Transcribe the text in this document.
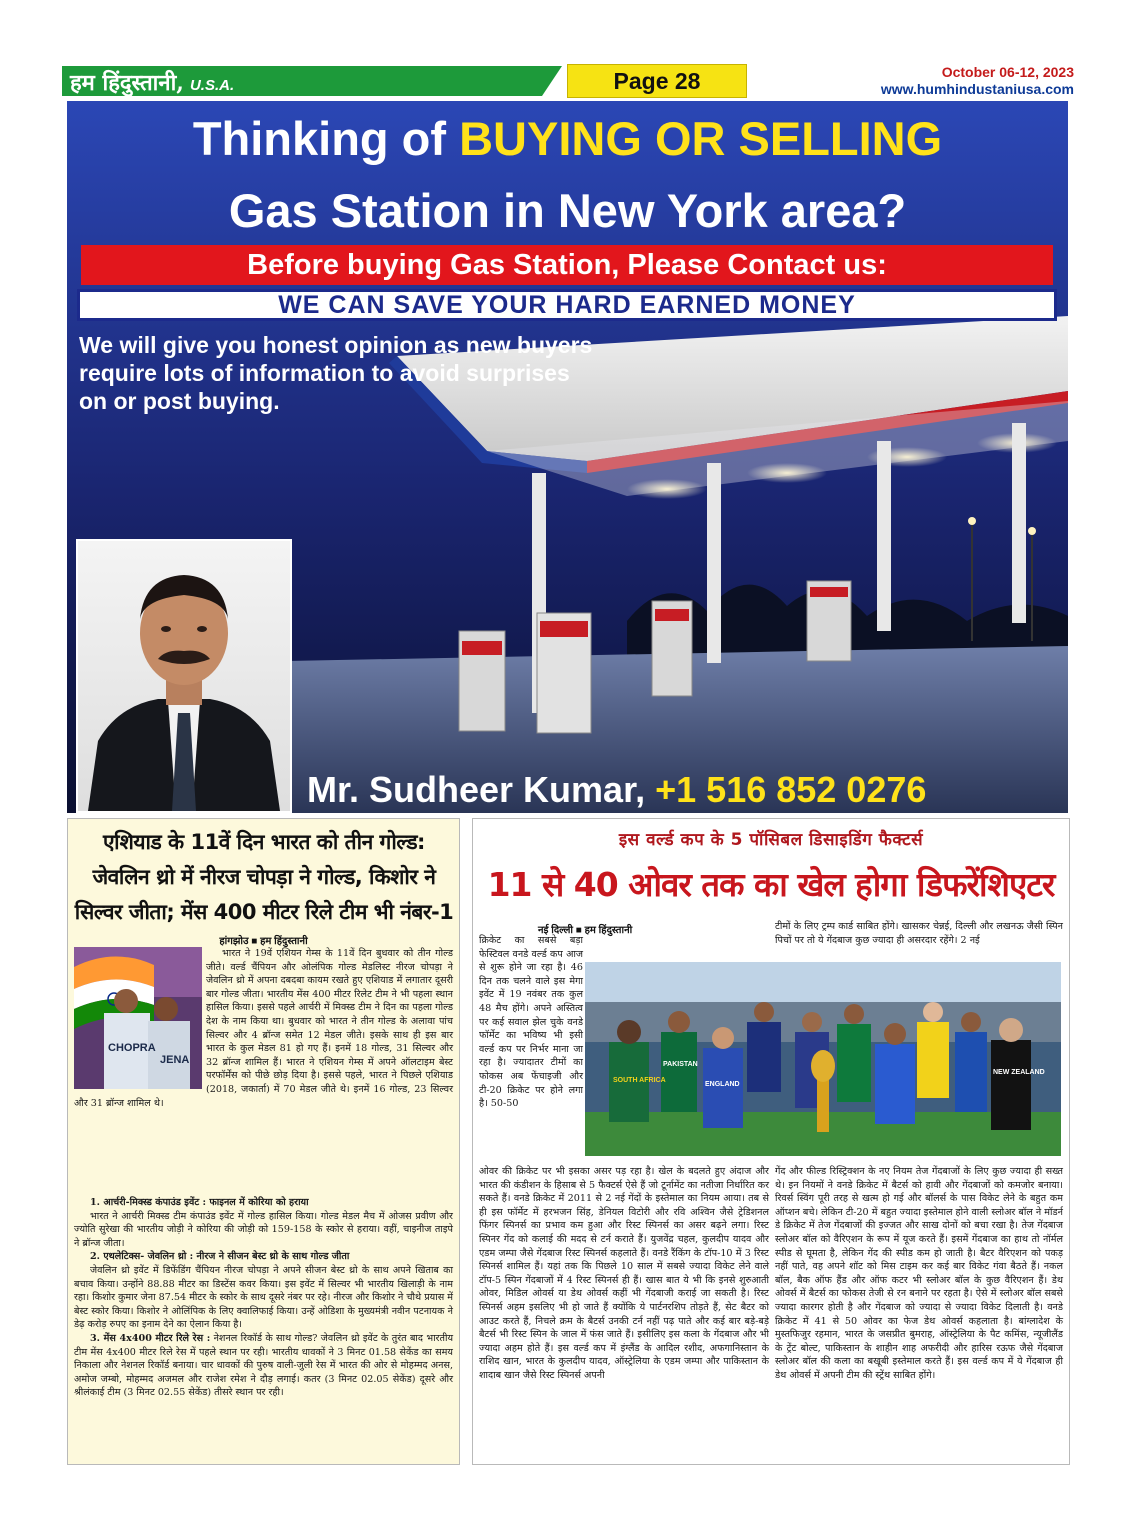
हम हिंदुस्तानी, U.S.A.	Page 28	October 06-12, 2023
www.humhindustaniusa.com
Thinking of BUYING OR SELLING
Gas Station in New York area?
Before buying Gas Station, Please Contact us:
WE CAN SAVE YOUR HARD EARNED MONEY
We will give you honest opinion as new buyers require lots of information to avoid surprises on or post buying.
Mr. Sudheer Kumar, +1 516 852 0276
एशियाड के 11वें दिन भारत को तीन गोल्ड: जेवलिन थ्रो में नीरज चोपड़ा ने गोल्ड, किशोर ने सिल्वर जीता; मेंस 400 मीटर रिले टीम भी नंबर-1
हांगझोउ ■ हम हिंदुस्तानी
CHOPRA
JENA
भारत ने 19वें एशियन गेम्स के 11वें दिन बुधवार को तीन गोल्ड जीते। वर्ल्ड चैंपियन और ओलंपिक गोल्ड मेडलिस्ट नीरज चोपड़ा ने जेवलिन थ्रो में अपना दबदबा कायम रखते हुए एशियाड में लगातार दूसरी बार गोल्ड जीता। भारतीय मेंस 400 मीटर रिलेट टीम ने भी पहला स्थान हासिल किया। इससे पहले आर्चरी में मिक्स्ड टीम ने दिन का पहला गोल्ड देश के नाम किया था। बुधवार को भारत ने तीन गोल्ड के अलावा पांच सिल्वर और 4 ब्रॉन्ज समेत 12 मेडल जीते। इसके साथ ही इस बार भारत के कुल मेडल 81 हो गए हैं। इनमें 18 गोल्ड, 31 सिल्वर और 32 ब्रॉन्ज शामिल हैं। भारत ने एशियन गेम्स में अपने ऑलटाइम बेस्ट परफॉर्मेंस को पीछे छोड़ दिया है। इससे पहले, भारत ने पिछले एशियाड (2018, जकार्ता) में 70 मेडल जीते थे। इनमें 16 गोल्ड, 23 सिल्वर और 31 ब्रॉन्ज शामिल थे।
1. आर्चरी-मिक्स्ड कंपाउंड इवेंट : फाइनल में कोरिया को हराया
भारत ने आर्चरी मिक्स्ड टीम कंपाउंड इवेंट में गोल्ड हासिल किया। गोल्ड मेडल मैच में ओजस प्रवीण और ज्योति सुरेखा की भारतीय जोड़ी ने कोरिया की जोड़ी को 159-158 के स्कोर से हराया। वहीं, चाइनीज ताइपे ने ब्रॉन्ज जीता।
2. एथलेटिक्स- जेवलिन थ्रो : नीरज ने सीजन बेस्ट थ्रो के साथ गोल्ड जीता
जेवलिन थ्रो इवेंट में डिफेंडिंग चैंपियन नीरज चोपड़ा ने अपने सीजन बेस्ट थ्रो के साथ अपने खिताब का बचाव किया। उन्होंने 88.88 मीटर का डिस्टेंस कवर किया। इस इवेंट में सिल्वर भी भारतीय खिलाड़ी के नाम रहा। किशोर कुमार जेना 87.54 मीटर के स्कोर के साथ दूसरे नंबर पर रहे। नीरज और किशोर ने चौथे प्रयास में बेस्ट स्कोर किया। किशोर ने ओलिंपिक के लिए क्वालिफाई किया। उन्हें ओडिशा के मुख्यमंत्री नवीन पटनायक ने डेढ़ करोड़ रुपए का इनाम देने का ऐलान किया है।
3. मेंस 4x400 मीटर रिले रेस : नेशनल रिकॉर्ड के साथ गोल्ड? जेवलिन थ्रो इवेंट के तुरंत बाद भारतीय टीम मेंस 4x400 मीटर रिले रेस में पहले स्थान पर रही। भारतीय धावकों ने 3 मिनट 01.58 सेकेंड का समय निकाला और नेशनल रिकॉर्ड बनाया। चार धावकों की पुरुष वाली-जुली रेस में भारत की ओर से मोहम्मद अनस, अमोज जम्बो, मोहम्मद अजमल और राजेश रमेश ने दौड़ लगाई। कतर (3 मिनट 02.05 सेकेंड) दूसरे और श्रीलंकाई टीम (3 मिनट 02.55 सेकेंड) तीसरे स्थान पर रही।
इस वर्ल्ड कप के 5 पॉसिबल डिसाइडिंग फैक्टर्स
11 से 40 ओवर तक का खेल होगा डिफरेंशिएटर
नई दिल्ली ■ हम हिंदुस्तानी	टीमों के लिए ट्रम्प कार्ड साबित होंगे। खासकर चेन्नई, दिल्ली और लखनऊ जैसी स्पिन पिचों पर तो ये गेंदबाज कुछ ज्यादा ही असरदार रहेंगे। 2 नई
क्रिकेट का सबसे बड़ा फेस्टिवल वनडे वर्ल्ड कप आज से शुरू होने जा रहा है। 46 दिन तक चलने वाले इस मेगा इवेंट में 19 नवंबर तक कुल 48 मैच होंगे। अपने अस्तित्व पर कई सवाल झेल चुके वनडे फॉर्मेट का भविष्य भी इसी वर्ल्ड कप पर निर्भर माना जा रहा है। ज्यादातर टीमों का फोकस अब फेंचाइजी और टी-20 क्रिकेट पर होने लगा है। 50-50
SOUTH AFRICA
PAKISTAN
ENGLAND
NEW ZEALAND
ओवर की क्रिकेट पर भी इसका असर पड़ रहा है। खेल के बदलते हुए अंदाज और भारत की कंडीशन के हिसाब से 5 फैक्टर्स ऐसे हैं जो टूर्नामेंट का नतीजा निर्धारित कर सकते हैं। वनडे क्रिकेट में 2011 से 2 नई गेंदों के इस्तेमाल का नियम आया। तब से ही इस फॉर्मेट में हरभजन सिंह, डेनियल विटोरी और रवि अश्विन जैसे ट्रेडिशनल फिंगर स्पिनर्स का प्रभाव कम हुआ और रिस्ट स्पिनर्स का असर बढ़ने लगा। रिस्ट स्पिनर गेंद को कलाई की मदद से टर्न कराते हैं। युजवेंद्र चहल, कुलदीप यादव और एडम जम्पा जैसे गेंदबाज रिस्ट स्पिनर्स कहलाते हैं। वनडे रैंकिंग के टॉप-10 में 3 रिस्ट स्पिनर्स शामिल हैं। यहां तक कि पिछले 10 साल में सबसे ज्यादा विकेट लेने वाले टॉप-5 स्पिन गेंदबाजों में 4 रिस्ट स्पिनर्स ही हैं। खास बात ये भी कि इनसे शुरुआती ओवर, मिडिल ओवर्स या डेथ ओवर्स कहीं भी गेंदबाजी कराई जा सकती है। रिस्ट स्पिनर्स अहम इसलिए भी हो जाते हैं क्योंकि ये पार्टनरशिप तोड़ते हैं, सेट बैटर को आउट करते हैं, निचले क्रम के बैटर्स उनकी टर्न नहीं पढ़ पाते और कई बार बड़े-बड़े बैटर्स भी रिस्ट स्पिन के जाल में फंस जाते हैं। इसीलिए इस कला के गेंदबाज और भी ज्यादा अहम होते हैं। इस वर्ल्ड कप में इंग्लैंड के आदिल रशीद, अफगानिस्तान के राशिद खान, भारत के कुलदीप यादव, ऑस्ट्रेलिया के एडम जम्पा और पाकिस्तान के शादाब खान जैसे रिस्ट स्पिनर्स अपनी
गेंद और फील्ड रिस्ट्रिक्शन के नए नियम तेज गेंदबाजों के लिए कुछ ज्यादा ही सख्त थे। इन नियमों ने वनडे क्रिकेट में बैटर्स को हावी और गेंदबाजों को कमजोर बनाया। रिवर्स स्विंग पूरी तरह से खत्म हो गई और बॉलर्स के पास विकेट लेने के बहुत कम ऑप्शन बचे। लेकिन टी-20 में बहुत ज्यादा इस्तेमाल होने वाली स्लोअर बॉल ने मॉडर्न डे क्रिकेट में तेज गेंदबाजों की इज्जत और साख दोनों को बचा रखा है। तेज गेंदबाज स्लोअर बॉल को वैरिएशन के रूप में यूज करते हैं। इसमें गेंदबाज का हाथ तो नॉर्मल स्पीड से घूमता है, लेकिन गेंद की स्पीड कम हो जाती है। बैटर वैरिएशन को पकड़ नहीं पाते, वह अपने शॉट को मिस टाइम कर कई बार विकेट गंवा बैठते हैं। नकल बॉल, बैक ऑफ हैंड और ऑफ कटर भी स्लोअर बॉल के कुछ वैरिएशन हैं। डेथ ओवर्स में बैटर्स का फोकस तेजी से रन बनाने पर रहता है। ऐसे में स्लोअर बॉल सबसे ज्यादा कारगर होती है और गेंदबाज को ज्यादा से ज्यादा विकेट दिलाती है। वनडे क्रिकेट में 41 से 50 ओवर का फेज डेथ ओवर्स कहलाता है। बांग्लादेश के मुस्तफिजुर रहमान, भारत के जसप्रीत बुमराह, ऑस्ट्रेलिया के पैट कमिंस, न्यूजीलैंड के ट्रेंट बोल्ट, पाकिस्तान के शाहीन शाह अफरीदी और हारिस रऊफ जैसे गेंदबाज स्लोअर बॉल की कला का बखूबी इस्तेमाल करते हैं। इस वर्ल्ड कप में ये गेंदबाज ही डेथ ओवर्स में अपनी टीम की स्ट्रेंथ साबित होंगे।
